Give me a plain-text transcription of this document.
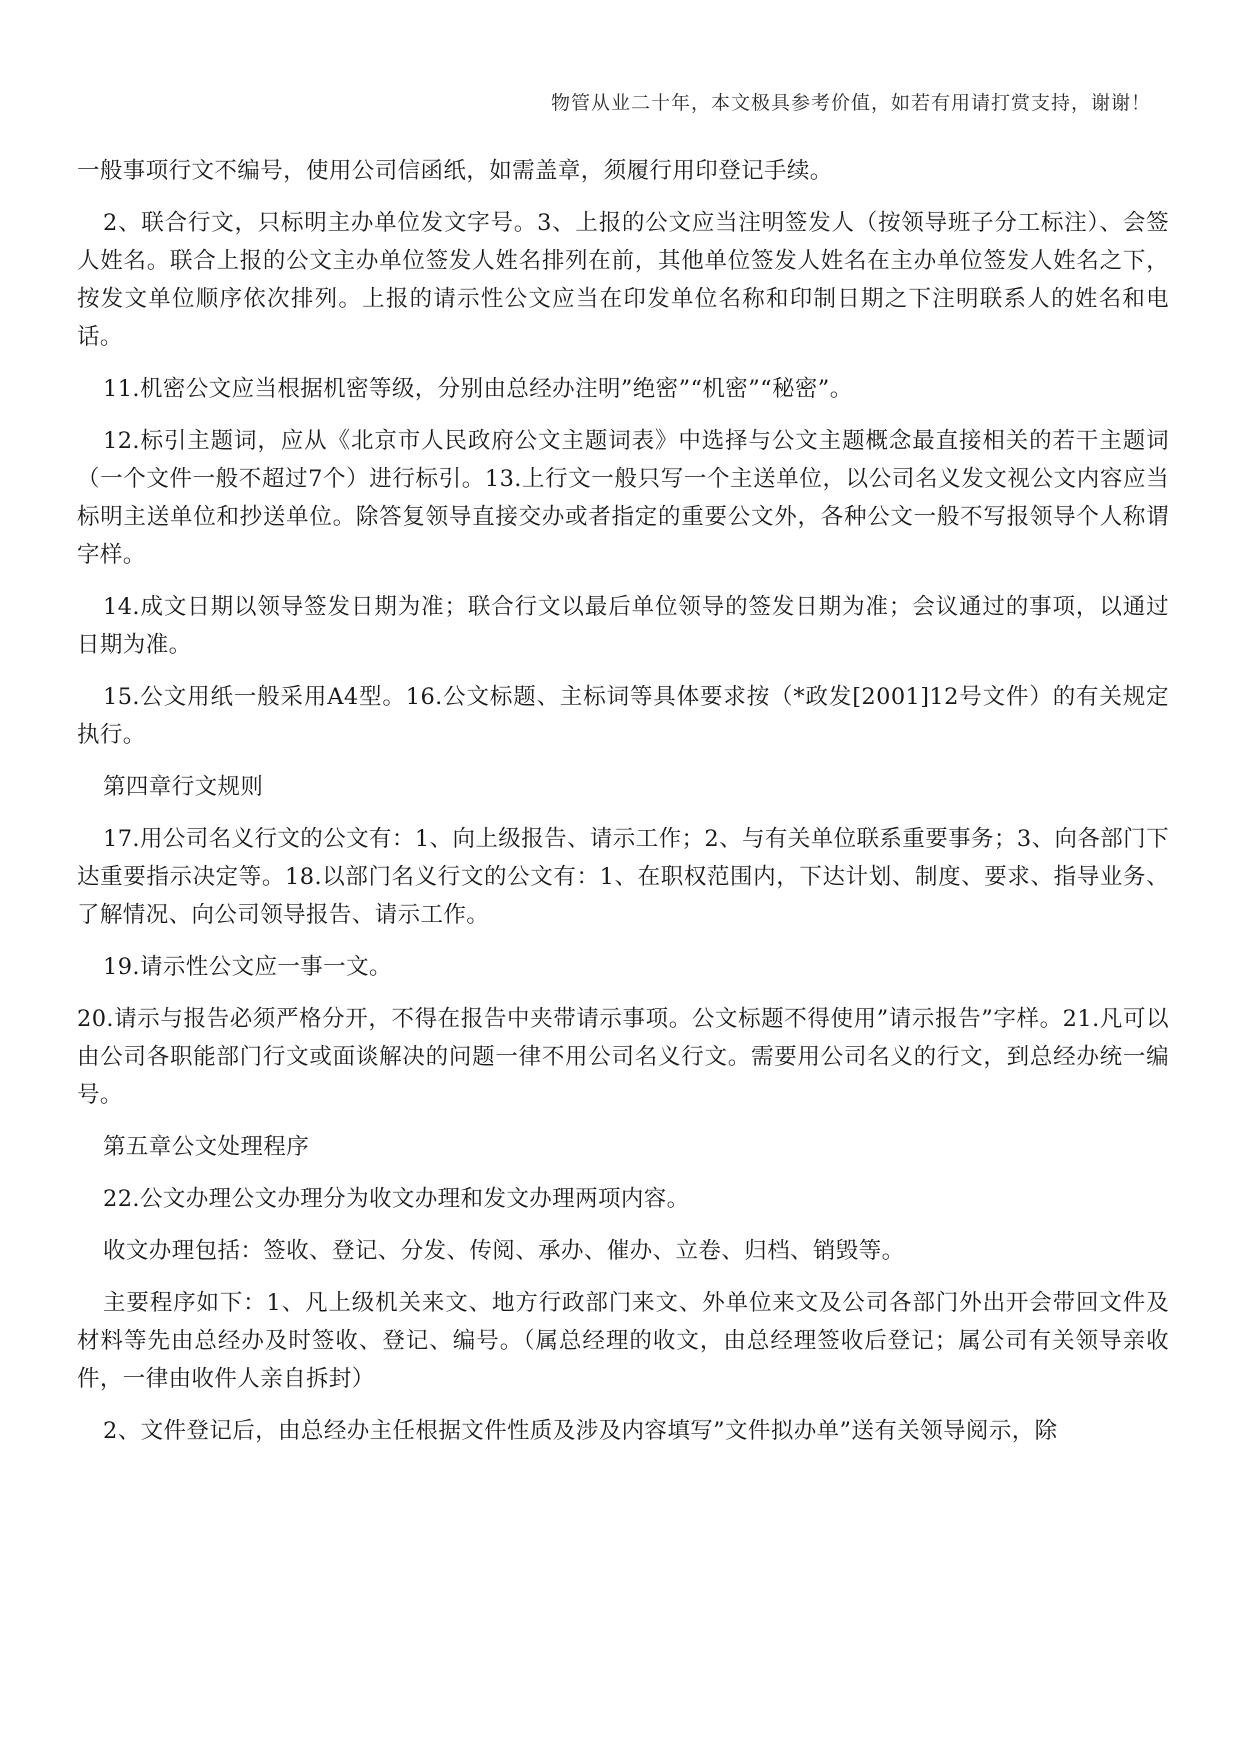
物管从业二十年，本文极具参考价值，如若有用请打赏支持，谢谢！

一般事项行文不编号，使用公司信函纸，如需盖章，须履行用印登记手续。

2、联合行文，只标明主办单位发文字号。3、上报的公文应当注明签发人（按领导班子分工标注）、会签人姓名。联合上报的公文主办单位签发人姓名排列在前，其他单位签发人姓名在主办单位签发人姓名之下，按发文单位顺序依次排列。上报的请示性公文应当在印发单位名称和印制日期之下注明联系人的姓名和电话。

11.机密公文应当根据机密等级，分别由总经办注明”绝密”“机密”“秘密”。

12.标引主题词，应从《北京市人民政府公文主题词表》中选择与公文主题概念最直接相关的若干主题词（一个文件一般不超过7个）进行标引。13.上行文一般只写一个主送单位，以公司名义发文视公文内容应当标明主送单位和抄送单位。除答复领导直接交办或者指定的重要公文外，各种公文一般不写报领导个人称谓字样。

14.成文日期以领导签发日期为准；联合行文以最后单位领导的签发日期为准；会议通过的事项，以通过日期为准。

15.公文用纸一般采用A4型。16.公文标题、主标词等具体要求按（*政发[2001]12号文件）的有关规定执行。

第四章行文规则

17.用公司名义行文的公文有：1、向上级报告、请示工作；2、与有关单位联系重要事务；3、向各部门下达重要指示决定等。18.以部门名义行文的公文有：1、在职权范围内，下达计划、制度、要求、指导业务、了解情况、向公司领导报告、请示工作。

19.请示性公文应一事一文。

20.请示与报告必须严格分开，不得在报告中夹带请示事项。公文标题不得使用”请示报告”字样。21.凡可以由公司各职能部门行文或面谈解决的问题一律不用公司名义行文。需要用公司名义的行文，到总经办统一编号。

第五章公文处理程序

22.公文办理公文办理分为收文办理和发文办理两项内容。

收文办理包括：签收、登记、分发、传阅、承办、催办、立卷、归档、销毁等。

主要程序如下：1、凡上级机关来文、地方行政部门来文、外单位来文及公司各部门外出开会带回文件及材料等先由总经办及时签收、登记、编号。（属总经理的收文，由总经理签收后登记；属公司有关领导亲收件，一律由收件人亲自拆封）

2、文件登记后，由总经办主任根据文件性质及涉及内容填写”文件拟办单”送有关领导阅示，除
